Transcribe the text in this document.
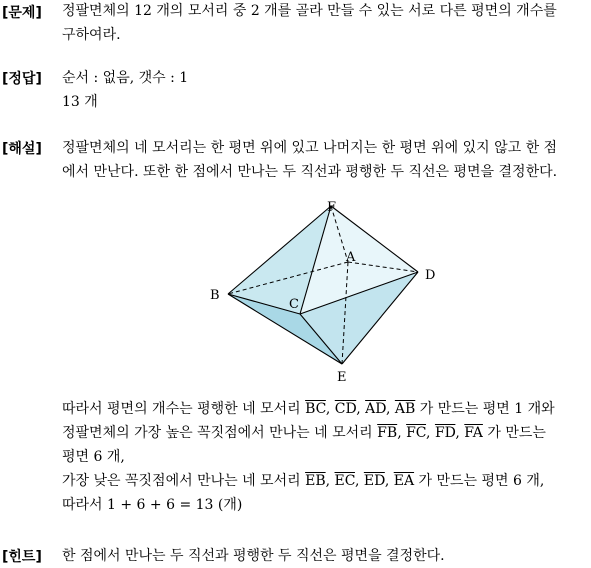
[문제] 정팔면체의 12 개의 모서리 중 2 개를 골라 만들 수 있는 서로 다른 평면의 개수를
구하여라.
[정답] 순서 : 없음, 갯수 : 1
13 개
[해설] 정팔면체의 네 모서리는 한 평면 위에 있고 나머지는 한 평면 위에 있지 않고 한 점
에서 만난다. 또한 한 점에서 만나는 두 직선과 평행한 두 직선은 평면을 결정한다.
F
A
D
B
C
E
따라서 평면의 개수는 평행한 네 모서리 $\overline{BC}$, $\overline{CD}$, $\overline{AD}$, $\overline{AB}$ 가 만드는 평면 1 개와
정팔면체의 가장 높은 꼭짓점에서 만나는 네 모서리 $\overline{FB}$, $\overline{FC}$, $\overline{FD}$, $\overline{FA}$ 가 만드는
평면 6 개,
가장 낮은 꼭짓점에서 만나는 네 모서리 $\overline{EB}$, $\overline{EC}$, $\overline{ED}$, $\overline{EA}$ 가 만드는 평면 6 개,
따라서 1 + 6 + 6 = 13 (개)
[힌트] 한 점에서 만나는 두 직선과 평행한 두 직선은 평면을 결정한다.
